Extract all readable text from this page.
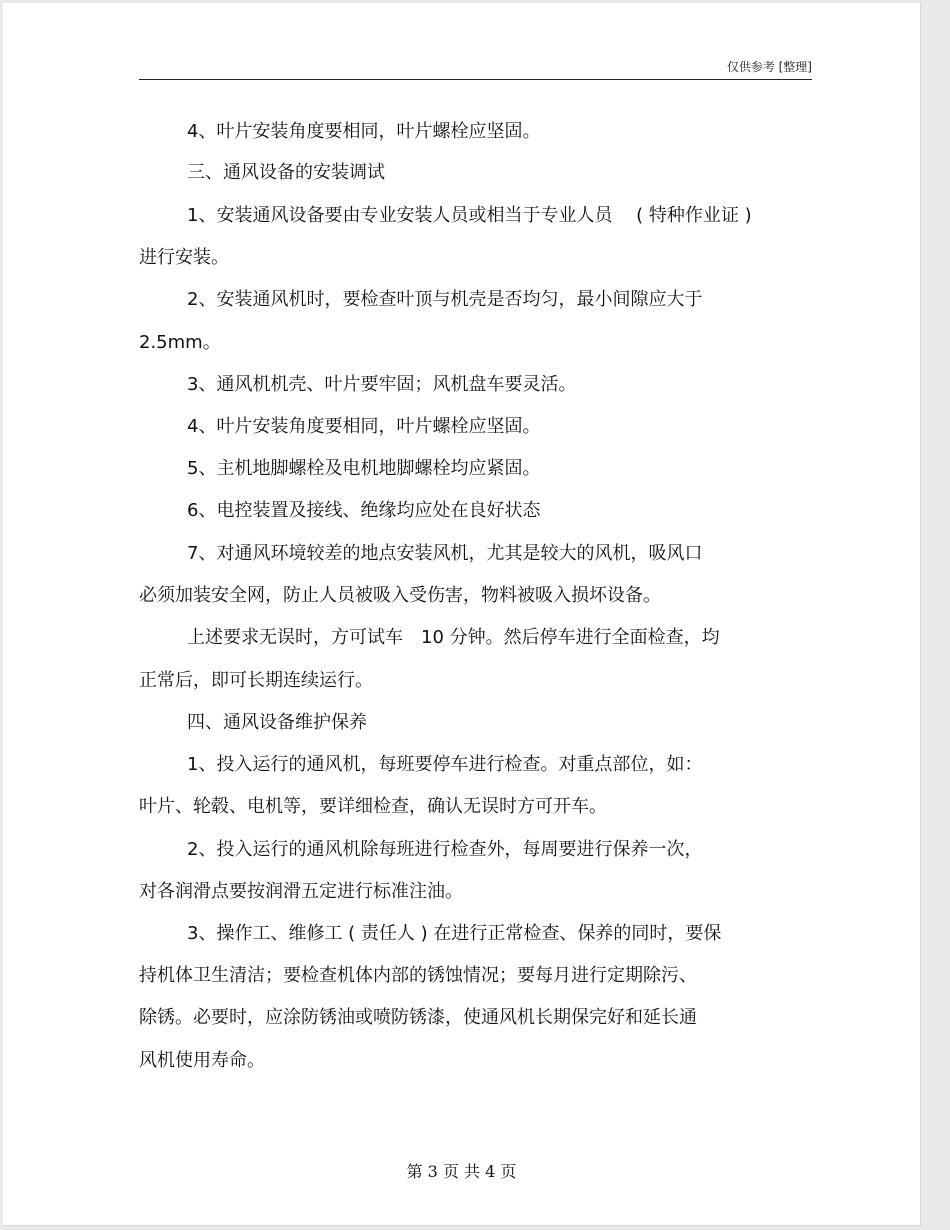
仅供参考 [整理]
4、叶片安装角度要相同，叶片螺栓应坚固。
三、通风设备的安装调试
1、安装通风设备要由专业安装人员或相当于专业人员　 ( 特种作业证 )
进行安装。
2、安装通风机时，要检查叶顶与机壳是否均匀，最小间隙应大于
2.5mm。
3、通风机机壳、叶片要牢固；风机盘车要灵活。
4、叶片安装角度要相同，叶片螺栓应坚固。
5、主机地脚螺栓及电机地脚螺栓均应紧固。
6、电控装置及接线、绝缘均应处在良好状态
7、对通风环境较差的地点安装风机，尤其是较大的风机，吸风口
必须加装安全网，防止人员被吸入受伤害，物料被吸入损坏设备。
上述要求无误时，方可试车　10 分钟。然后停车进行全面检查，均
正常后，即可长期连续运行。
四、通风设备维护保养
1、投入运行的通风机，每班要停车进行检查。对重点部位，如：
叶片、轮毂、电机等，要详细检查，确认无误时方可开车。
2、投入运行的通风机除每班进行检查外，每周要进行保养一次，
对各润滑点要按润滑五定进行标准注油。
3、操作工、维修工 ( 责任人 ) 在进行正常检查、保养的同时，要保
持机体卫生清洁；要检查机体内部的锈蚀情况；要每月进行定期除污、
除锈。必要时，应涂防锈油或喷防锈漆，使通风机长期保完好和延长通
风机使用寿命。
第 3 页 共 4 页
